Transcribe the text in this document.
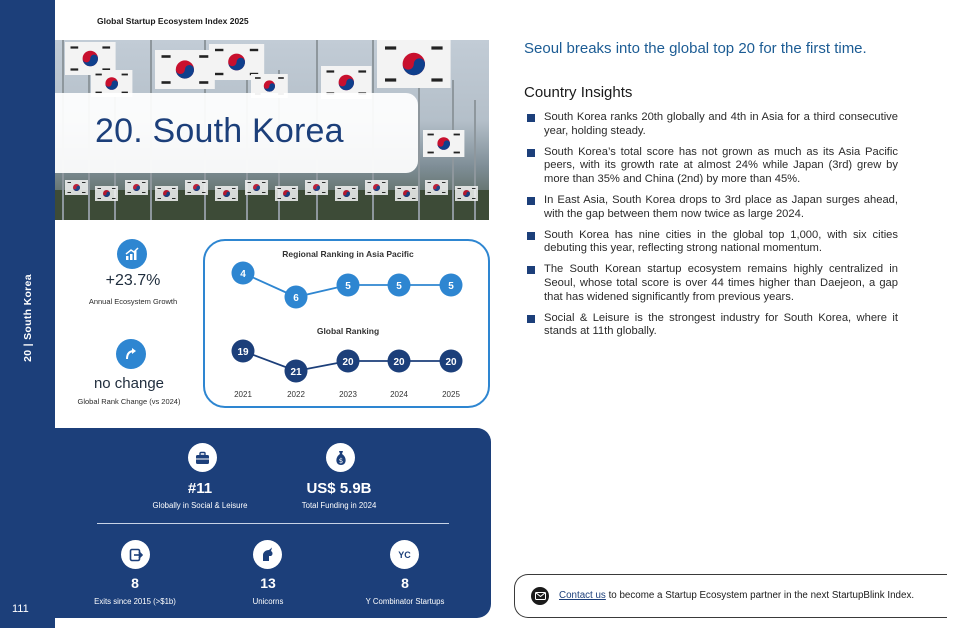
20 | South Korea
111
Global Startup Ecosystem Index 2025
20. South Korea
+23.7%
Annual Ecosystem Growth
no change
Global Rank Change (vs 2024)
Regional Ranking in Asia Pacific
Global Ranking
4
6
5	5	5
19
21
20	20	20
2021	2022	2023	2024	2025
#11
Globally in Social & Leisure
$
US$ 5.9B
Total Funding in 2024
8
Exits since 2015 (>$1b)
13
Unicorns
YC
8
Y Combinator Startups
Seoul breaks into the global top 20 for the first time.
Country Insights
South Korea ranks 20th globally and 4th in Asia for a third consecutive year, holding steady.
South Korea’s total score has not grown as much as its Asia Pacific peers, with its growth rate at almost 24% while Japan (3rd) grew by more than 35% and China (2nd) by more than 45%.
In East Asia, South Korea drops to 3rd place as Japan surges ahead, with the gap between them now twice as large 2024.
South Korea has nine cities in the global top 1,000, with six cities debuting this year, reflecting strong national momentum.
The South Korean startup ecosystem remains highly centralized in Seoul, whose total score is over 44 times higher than Daejeon, a gap that has widened significantly from previous years.
Social & Leisure is the strongest industry for South Korea, where it stands at 11th globally.
Contact us to become a Startup Ecosystem partner in the next StartupBlink Index.
